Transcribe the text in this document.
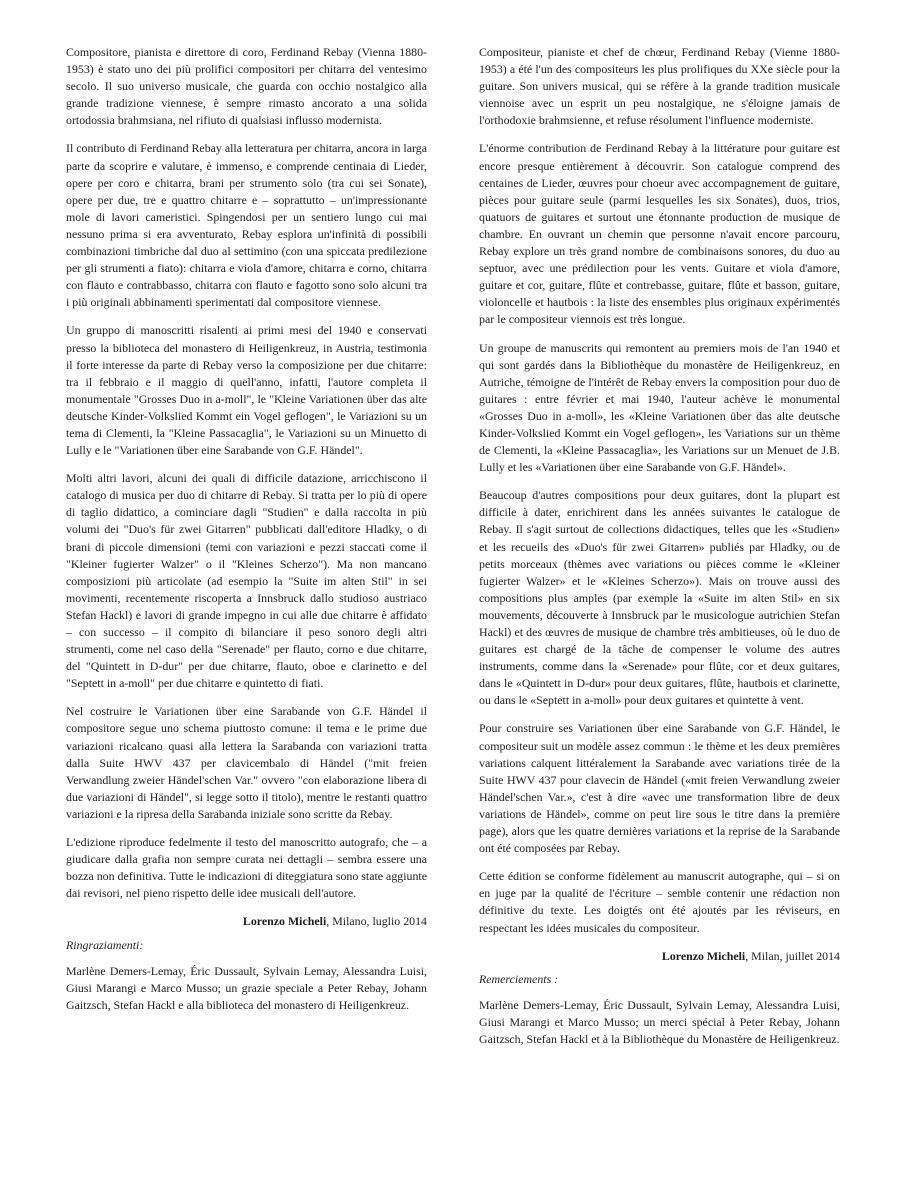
Compositore, pianista e direttore di coro, Ferdinand Rebay (Vienna 1880-1953) è stato uno dei più prolifici compositori per chitarra del ventesimo secolo. Il suo universo musicale, che guarda con occhio nostalgico alla grande tradizione viennese, è sempre rimasto ancorato a una solida ortodossia brahmsiana, nel rifiuto di qualsiasi influsso modernista.

Il contributo di Ferdinand Rebay alla letteratura per chitarra, ancora in larga parte da scoprire e valutare, è immenso, e comprende centinaia di Lieder, opere per coro e chitarra, brani per strumento solo (tra cui sei Sonate), opere per due, tre e quattro chitarre e – soprattutto – un'impressionante mole di lavori cameristici. Spingendosi per un sentiero lungo cui mai nessuno prima si era avventurato, Rebay esplora un'infinità di possibili combinazioni timbriche dal duo al settimino (con una spiccata predilezione per gli strumenti a fiato): chitarra e viola d'amore, chitarra e corno, chitarra con flauto e contrabbasso, chitarra con flauto e fagotto sono solo alcuni tra i più originali abbinamenti sperimentati dal compositore viennese.

Un gruppo di manoscritti risalenti ai primi mesi del 1940 e conservati presso la biblioteca del monastero di Heiligenkreuz, in Austria, testimonia il forte interesse da parte di Rebay verso la composizione per due chitarre: tra il febbraio e il maggio di quell'anno, infatti, l'autore completa il monumentale "Grosses Duo in a-moll", le "Kleine Variationen über das alte deutsche Kinder-Volkslied Kommt ein Vogel geflogen", le Variazioni su un tema di Clementi, la "Kleine Passacaglia", le Variazioni su un Minuetto di Lully e le "Variationen über eine Sarabande von G.F. Händel".

Molti altri lavori, alcuni dei quali di difficile datazione, arricchiscono il catalogo di musica per duo di chitarre di Rebay. Si tratta per lo più di opere di taglio didattico, a cominciare dagli "Studien" e dalla raccolta in più volumi dei "Duo's für zwei Gitarren" pubblicati dall'editore Hladky, o di brani di piccole dimensioni (temi con variazioni e pezzi staccati come il "Kleiner fugierter Walzer" o il "Kleines Scherzo"). Ma non mancano composizioni più articolate (ad esempio la "Suite im alten Stil" in sei movimenti, recentemente riscoperta a Innsbruck dallo studioso austriaco Stefan Hackl) e lavori di grande impegno in cui alle due chitarre è affidato – con successo – il compito di bilanciare il peso sonoro degli altri strumenti, come nel caso della "Serenade" per flauto, corno e due chitarre, del "Quintett in D-dur" per due chitarre, flauto, oboe e clarinetto e del "Septett in a-moll" per due chitarre e quintetto di fiati.

Nel costruire le Variationen über eine Sarabande von G.F. Händel il compositore segue uno schema piuttosto comune: il tema e le prime due variazioni ricalcano quasi alla lettera la Sarabanda con variazioni tratta dalla Suite HWV 437 per clavicembalo di Händel ("mit freien Verwandlung zweier Händel'schen Var." ovvero "con elaborazione libera di due variazioni di Händel", si legge sotto il titolo), mentre le restanti quattro variazioni e la ripresa della Sarabanda iniziale sono scritte da Rebay.

L'edizione riproduce fedelmente il testo del manoscritto autografo, che – a giudicare dalla grafia non sempre curata nei dettagli – sembra essere una bozza non definitiva. Tutte le indicazioni di diteggiatura sono state aggiunte dai revisori, nel pieno rispetto delle idee musicali dell'autore.

Lorenzo Micheli, Milano, luglio 2014
Ringraziamenti:

Marlène Demers-Lemay, Éric Dussault, Sylvain Lemay, Alessandra Luisi, Giusi Marangi e Marco Musso; un grazie speciale a Peter Rebay, Johann Gaitzsch, Stefan Hackl e alla biblioteca del monastero di Heiligenkreuz.

Compositeur, pianiste et chef de chœur, Ferdinand Rebay (Vienne 1880-1953) a été l'un des compositeurs les plus prolifiques du XXe siècle pour la guitare. Son univers musical, qui se réfère à la grande tradition musicale viennoise avec un esprit un peu nostalgique, ne s'éloigne jamais de l'orthodoxie brahmsienne, et refuse résolument l'influence moderniste.

L'énorme contribution de Ferdinand Rebay à la littérature pour guitare est encore presque entièrement à découvrir. Son catalogue comprend des centaines de Lieder, œuvres pour choeur avec accompagnement de guitare, pièces pour guitare seule (parmi lesquelles les six Sonates), duos, trios, quatuors de guitares et surtout une étonnante production de musique de chambre. En ouvrant un chemin que personne n'avait encore parcouru, Rebay explore un très grand nombre de combinaisons sonores, du duo au septuor, avec une prédilection pour les vents. Guitare et viola d'amore, guitare et cor, guitare, flûte et contrebasse, guitare, flûte et basson, guitare, violoncelle et hautbois : la liste des ensembles plus originaux expérimentés par le compositeur viennois est très longue.

Un groupe de manuscrits qui remontent au premiers mois de l'an 1940 et qui sont gardés dans la Bibliothèque du monastère de Heiligenkreuz, en Autriche, témoigne de l'intérêt de Rebay envers la composition pour duo de guitares : entre février et mai 1940, l'auteur achève le monumental «Grosses Duo in a-moll», les «Kleine Variationen über das alte deutsche Kinder-Volkslied Kommt ein Vogel geflogen», les Variations sur un thème de Clementi, la «Kleine Passacaglia», les Variations sur un Menuet de J.B. Lully et les «Variationen über eine Sarabande von G.F. Händel».

Beaucoup d'autres compositions pour deux guitares, dont la plupart est difficile à dater, enrichirent dans les années suivantes le catalogue de Rebay. Il s'agit surtout de collections didactiques, telles que les «Studien» et les recueils des «Duo's für zwei Gitarren» publiés par Hladky, ou de petits morceaux (thèmes avec variations ou pièces comme le «Kleiner fugierter Walzer» et le «Kleines Scherzo»). Mais on trouve aussi des compositions plus amples (par exemple la «Suite im alten Stil» en six mouvements, découverte à Innsbruck par le musicologue autrichien Stefan Hackl) et des œuvres de musique de chambre très ambitieuses, où le duo de guitares est chargé de la tâche de compenser le volume des autres instruments, comme dans la «Serenade» pour flûte, cor et deux guitares, dans le «Quintett in D-dur» pour deux guitares, flûte, hautbois et clarinette, ou dans le «Septett in a-moll» pour deux guitares et quintette à vent.

Pour construire ses Variationen über eine Sarabande von G.F. Händel, le compositeur suit un modèle assez commun : le thème et les deux premières variations calquent littéralement la Sarabande avec variations tirée de la Suite HWV 437 pour clavecin de Händel («mit freien Verwandlung zweier Händel'schen Var.», c'est à dire «avec une transformation libre de deux variations de Händel», comme on peut lire sous le titre dans la première page), alors que les quatre dernières variations et la reprise de la Sarabande ont été composées par Rebay.

Cette édition se conforme fidèlement au manuscrit autographe, qui – si on en juge par la qualité de l'écriture – semble contenir une rédaction non définitive du texte. Les doigtés ont été ajoutés par les réviseurs, en respectant les idées musicales du compositeur.

Lorenzo Micheli, Milan, juillet 2014
Remerciements :

Marlène Demers-Lemay, Éric Dussault, Sylvain Lemay, Alessandra Luisi, Giusi Marangi et Marco Musso; un merci spécial à Peter Rebay, Johann Gaitzsch, Stefan Hackl et à la Bibliothèque du Monastère de Heiligenkreuz.
